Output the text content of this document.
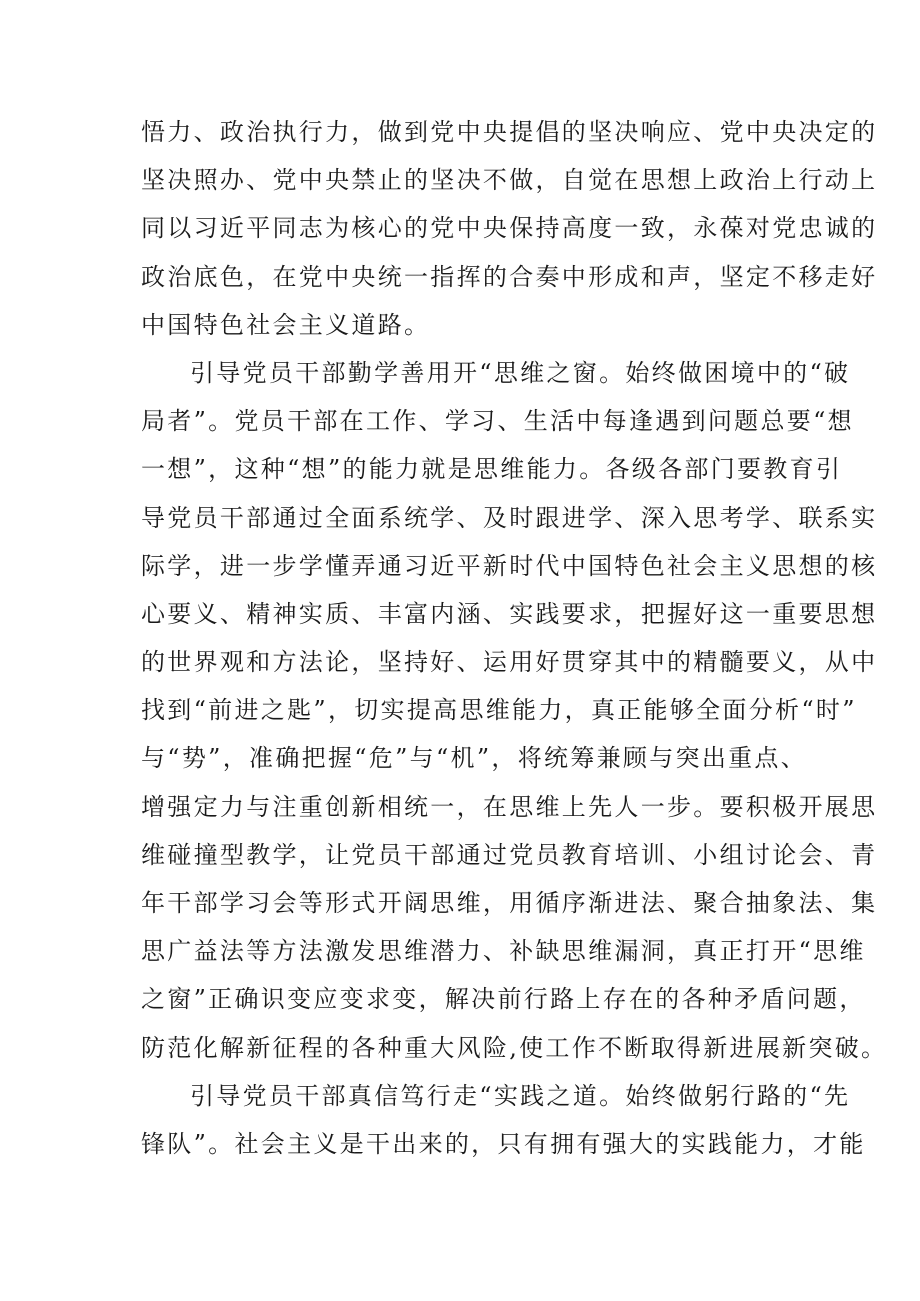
悟力、政治执行力，做到党中央提倡的坚决响应、党中央决定的
坚决照办、党中央禁止的坚决不做，自觉在思想上政治上行动上
同以习近平同志为核心的党中央保持高度一致，永葆对党忠诚的
政治底色，在党中央统一指挥的合奏中形成和声，坚定不移走好
中国特色社会主义道路。
引导党员干部勤学善用开“思维之窗。始终做困境中的“破
局者”。党员干部在工作、学习、生活中每逢遇到问题总要“想
一想”，这种“想”的能力就是思维能力。各级各部门要教育引
导党员干部通过全面系统学、及时跟进学、深入思考学、联系实
际学，进一步学懂弄通习近平新时代中国特色社会主义思想的核
心要义、精神实质、丰富内涵、实践要求，把握好这一重要思想
的世界观和方法论，坚持好、运用好贯穿其中的精髓要义，从中
找到“前进之匙”，切实提高思维能力，真正能够全面分析“时”
与“势”，准确把握“危”与“机”，将统筹兼顾与突出重点、
增强定力与注重创新相统一，在思维上先人一步。要积极开展思
维碰撞型教学，让党员干部通过党员教育培训、小组讨论会、青
年干部学习会等形式开阔思维，用循序渐进法、聚合抽象法、集
思广益法等方法激发思维潜力、补缺思维漏洞，真正打开“思维
之窗”正确识变应变求变，解决前行路上存在的各种矛盾问题，
防范化解新征程的各种重大风险,使工作不断取得新进展新突破。
引导党员干部真信笃行走“实践之道。始终做躬行路的“先
锋队”。社会主义是干出来的，只有拥有强大的实践能力，才能
